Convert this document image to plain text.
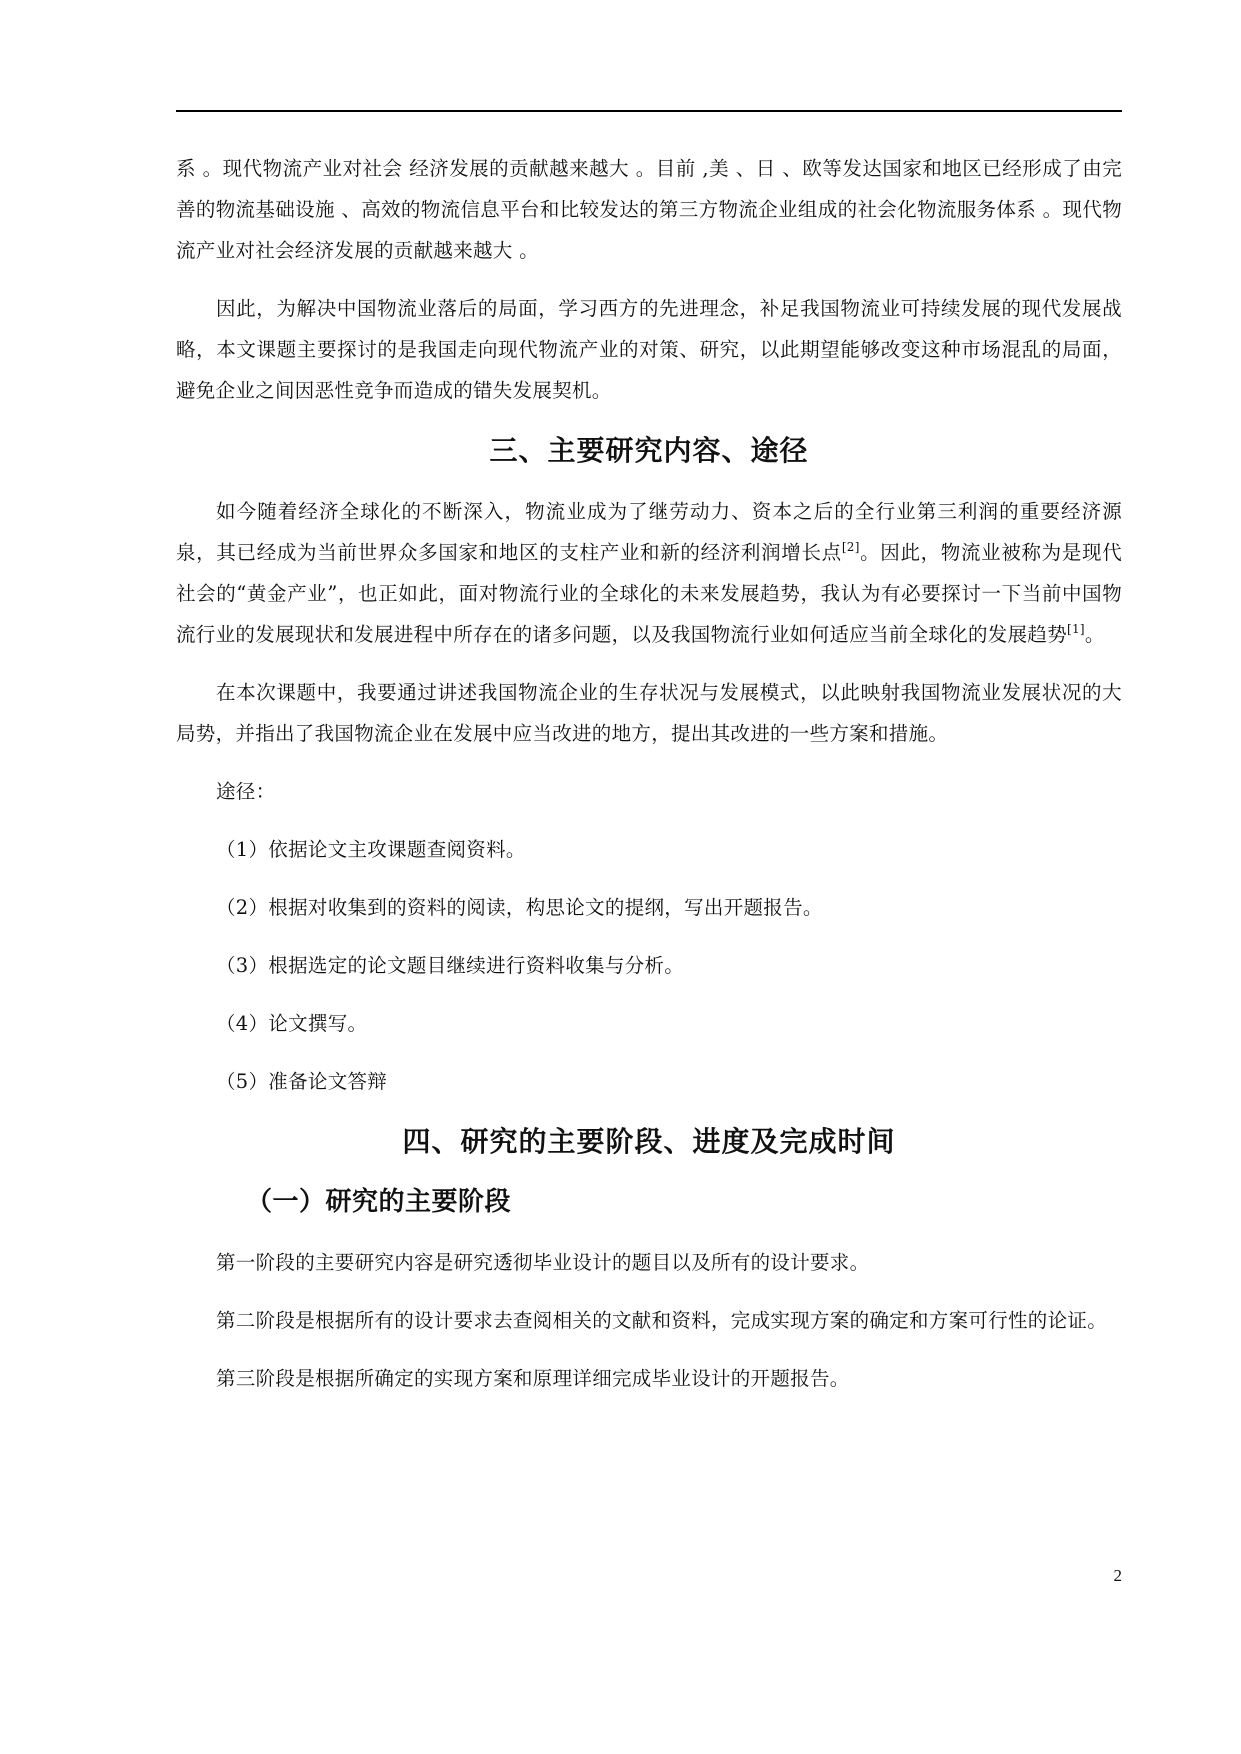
系 。现代物流产业对社会 经济发展的贡献越来越大 。目前 ,美 、日 、欧等发达国家和地区已经形成了由完善的物流基础设施 、高效的物流信息平台和比较发达的第三方物流企业组成的社会化物流服务体系 。现代物流产业对社会经济发展的贡献越来越大 。

因此，为解决中国物流业落后的局面，学习西方的先进理念，补足我国物流业可持续发展的现代发展战略，本文课题主要探讨的是我国走向现代物流产业的对策、研究，以此期望能够改变这种市场混乱的局面，避免企业之间因恶性竞争而造成的错失发展契机。

三、主要研究内容、途径

如今随着经济全球化的不断深入，物流业成为了继劳动力、资本之后的全行业第三利润的重要经济源泉，其已经成为当前世界众多国家和地区的支柱产业和新的经济利润增长点[2]。因此，物流业被称为是现代社会的“黄金产业”，也正如此，面对物流行业的全球化的未来发展趋势，我认为有必要探讨一下当前中国物流行业的发展现状和发展进程中所存在的诸多问题，以及我国物流行业如何适应当前全球化的发展趋势[1]。

在本次课题中，我要通过讲述我国物流企业的生存状况与发展模式，以此映射我国物流业发展状况的大局势，并指出了我国物流企业在发展中应当改进的地方，提出其改进的一些方案和措施。

途径：

（1）依据论文主攻课题查阅资料。

（2）根据对收集到的资料的阅读，构思论文的提纲，写出开题报告。

（3）根据选定的论文题目继续进行资料收集与分析。

（4）论文撰写。

（5）准备论文答辩

四、研究的主要阶段、进度及完成时间
（一）研究的主要阶段

第一阶段的主要研究内容是研究透彻毕业设计的题目以及所有的设计要求。

第二阶段是根据所有的设计要求去查阅相关的文献和资料，完成实现方案的确定和方案可行性的论证。

第三阶段是根据所确定的实现方案和原理详细完成毕业设计的开题报告。

2
